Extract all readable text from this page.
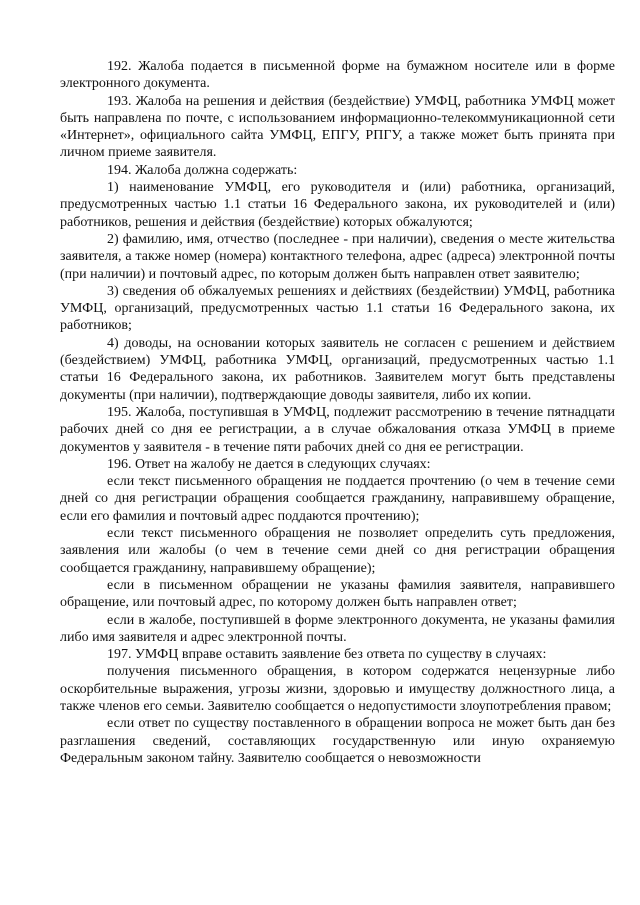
192. Жалоба подается в письменной форме на бумажном носителе или в форме электронного документа.

193. Жалоба на решения и действия (бездействие) УМФЦ, работника УМФЦ может быть направлена по почте, с использованием информационно-телекоммуникационной сети «Интернет», официального сайта УМФЦ, ЕПГУ, РПГУ, а также может быть принята при личном приеме заявителя.

194. Жалоба должна содержать:

1) наименование УМФЦ, его руководителя и (или) работника, организаций, предусмотренных частью 1.1 статьи 16 Федерального закона, их руководителей и (или) работников, решения и действия (бездействие) которых обжалуются;

2) фамилию, имя, отчество (последнее - при наличии), сведения о месте жительства заявителя, а также номер (номера) контактного телефона, адрес (адреса) электронной почты (при наличии) и почтовый адрес, по которым должен быть направлен ответ заявителю;

3) сведения об обжалуемых решениях и действиях (бездействии) УМФЦ, работника УМФЦ, организаций, предусмотренных частью 1.1 статьи 16 Федерального закона, их работников;

4) доводы, на основании которых заявитель не согласен с решением и действием (бездействием) УМФЦ, работника УМФЦ, организаций, предусмотренных частью 1.1 статьи 16 Федерального закона, их работников. Заявителем могут быть представлены документы (при наличии), подтверждающие доводы заявителя, либо их копии.

195. Жалоба, поступившая в УМФЦ, подлежит рассмотрению в течение пятнадцати рабочих дней со дня ее регистрации, а в случае обжалования отказа УМФЦ в приеме документов у заявителя - в течение пяти рабочих дней со дня ее регистрации.

196. Ответ на жалобу не дается в следующих случаях:

если текст письменного обращения не поддается прочтению (о чем в течение семи дней со дня регистрации обращения сообщается гражданину, направившему обращение, если его фамилия и почтовый адрес поддаются прочтению);

если текст письменного обращения не позволяет определить суть предложения, заявления или жалобы (о чем в течение семи дней со дня регистрации обращения сообщается гражданину, направившему обращение);

если в письменном обращении не указаны фамилия заявителя, направившего обращение, или почтовый адрес, по которому должен быть направлен ответ;

если в жалобе, поступившей в форме электронного документа, не указаны фамилия либо имя заявителя и адрес электронной почты.

197. УМФЦ вправе оставить заявление без ответа по существу в случаях:

получения письменного обращения, в котором содержатся нецензурные либо оскорбительные выражения, угрозы жизни, здоровью и имуществу должностного лица, а также членов его семьи. Заявителю сообщается о недопустимости злоупотребления правом;

если ответ по существу поставленного в обращении вопроса не может быть дан без разглашения сведений, составляющих государственную или иную охраняемую Федеральным законом тайну. Заявителю сообщается о невозможности
